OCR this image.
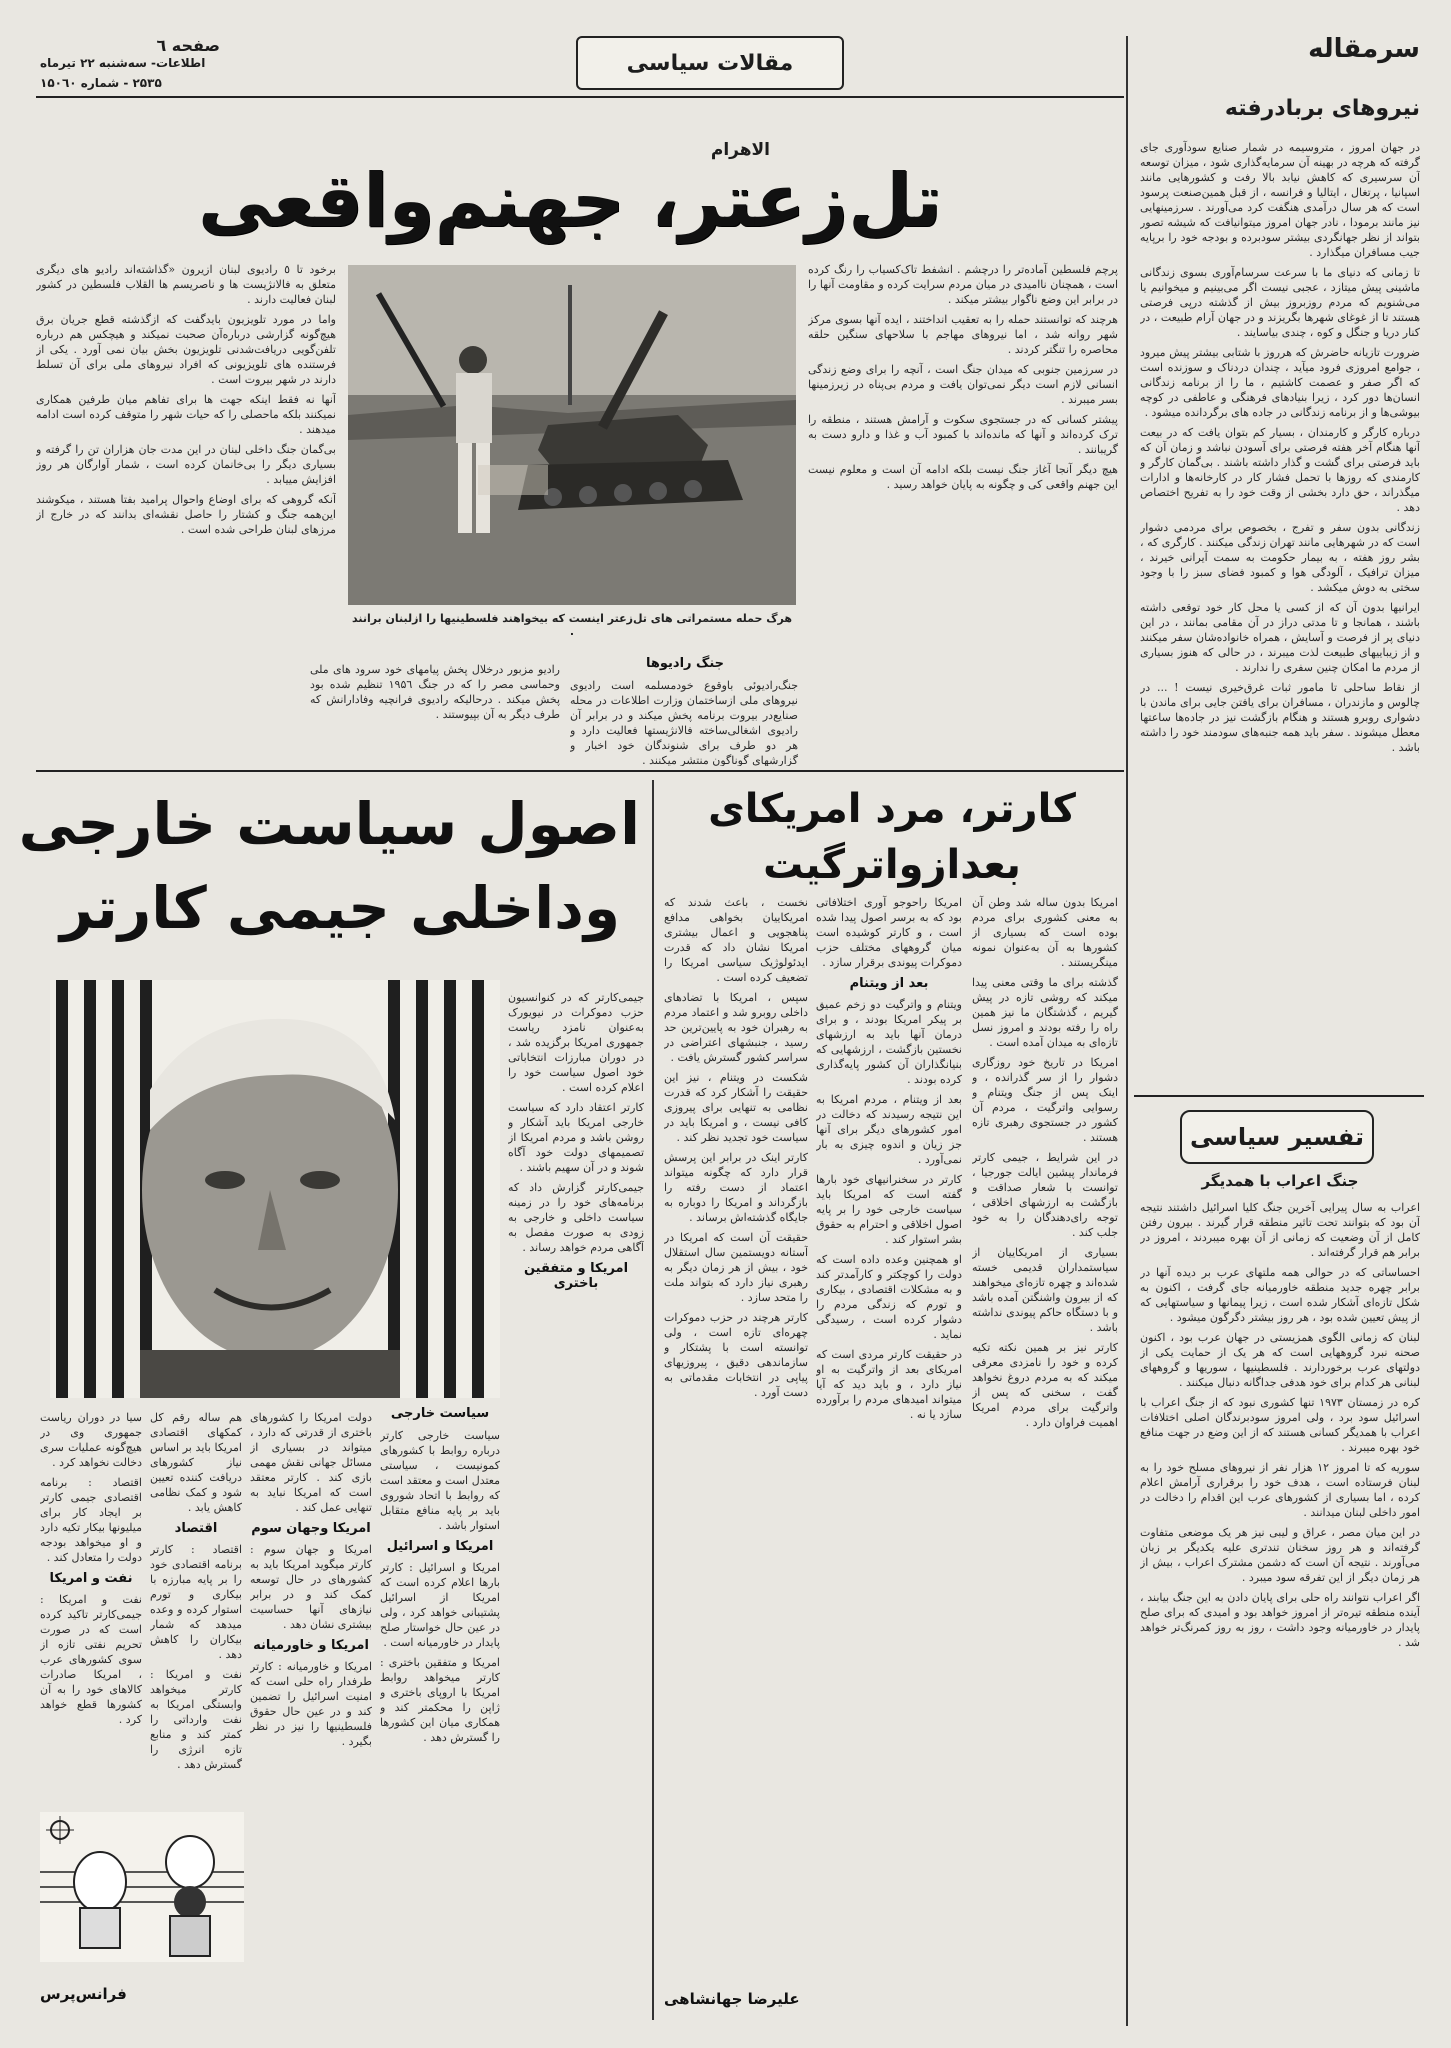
صفحه ٦
اطلاعات- سه‌شنبه ۲۲ تیرماه
۲۵۳۵ - شماره ۱۵۰٦۰
مقالات سیاسی	سرمقاله
نیروهای بربادرفته

در جهان امروز ، متروسیمه در شمار صنایع سودآوری جای گرفته که هرچه در بهینه آن سرمایه‌گذاری شود ، میزان توسعه آن سرسیری که کاهش نیابد بالا رفت و کشورهایی مانند اسپانیا ، پرتغال ، ایتالیا و فرانسه ، از قبل همین‌صنعت پرسود است که هر سال درآمدی هنگفت کرد می‌آورند . سرزمینهایی نیز مانند برمودا ، نادر جهان امروز میتوانیافت که شیشه تصور بتواند از نظر جهانگردی بیشتر سودبرده و بودجه خود را برپایه جیب مسافران میگذارد .

تا زمانی که دنیای ما با سرعت سرسام‌آوری بسوی زندگانی ماشینی پیش میتازد ، عجبی نیست اگر می‌بینیم و میخوانیم یا می‌شنویم که مردم روزبروز بیش از گذشته درپی فرصتی هستند تا از غوغای شهرها بگریزند و در جهان آرام طبیعت ، در کنار دریا و جنگل و کوه ، چندی بیاسایند .

ضرورت تازیانه حاضرش که هرروز با شتابی بیشتر پیش میرود ، جوامع امروزی فرود میآید ، چندان دردناک و سوزنده است که اگر صفر و عصمت کاشتیم ، ما را از برنامه زندگانی انسان‌ها دور کرد ، زیرا بنیادهای فرهنگی و عاطفی در کوچه بیوشی‌ها و از برنامه زندگانی در جاده های برگردانده میشود .

درباره کارگر و کارمندان ، بسیار کم بتوان یافت که در بیعت آنها هنگام آخر هفته فرصتی برای آسودن نباشد و زمان آن که باید فرصتی برای گشت و گذار داشته باشند . بی‌گمان کارگر و کارمندی که روزها با تحمل فشار کار در کارخانه‌ها و ادارات میگذراند ، حق دارد بخشی از وقت خود را به تفریح اختصاص دهد .

زندگانی بدون سفر و تفرج ، بخصوص برای مردمی دشوار است که در شهرهایی مانند تهران زندگی میکنند . کارگری که ، بشر روز هفته ، به بیمار حکومت به سمت آیرانی خیرند ، میزان ترافیک ، آلودگی هوا و کمبود فضای سبز را با وجود سختی به دوش میکشد .

ایرانیها بدون آن که از کسی یا محل کار خود توقعی داشته باشند ، همانجا و تا مدتی دراز در آن مقامی بمانند ، در این دنیای پر از فرصت و آسایش ، همراه خانواده‌شان سفر میکنند و از زیباییهای طبیعت لذت میبرند ، در حالی که هنوز بسیاری از مردم ما امکان چنین سفری را ندارند .

از نقاط ساحلی تا مامور ثبات غرق‌خیری نیست ! ... در چالوس و مازندران ، مسافران برای یافتن جایی برای ماندن با دشواری روبرو هستند و هنگام بازگشت نیز در جاده‌ها ساعتها معطل میشوند . سفر باید همه جنبه‌های سودمند خود را داشته باشد .

تفسیر سیاسی
جنگ اعراب با همدیگر

اعراب به سال پیرایی آخرین جنگ کلیا اسرائیل داشتند نتیجه آن بود که بتوانند تحت تاثیر منطقه قرار گیرند . بیرون رفتن کامل از آن وضعیت که زمانی از آن بهره میبردند ، امروز در برابر هم قرار گرفته‌اند .

احساساتی که در حوالی همه ملتهای عرب بر دیده آنها در برابر چهره جدید منطقه خاورمیانه جای گرفت ، اکنون به شکل تازه‌ای آشکار شده است ، زیرا پیمانها و سیاستهایی که از پیش تعیین شده بود ، هر روز بیشتر دگرگون میشود .

لبنان که زمانی الگوی همزیستی در جهان عرب بود ، اکنون صحنه نبرد گروههایی است که هر یک از حمایت یکی از دولتهای عرب برخوردارند . فلسطینیها ، سوریها و گروههای لبنانی هر کدام برای خود هدفی جداگانه دنبال میکنند .

کره در زمستان ۱۹۷۳ تنها کشوری نبود که از جنگ اعراب با اسرائیل سود برد ، ولی امروز سودبرندگان اصلی اختلافات اعراب با همدیگر کسانی هستند که از این وضع در جهت منافع خود بهره میبرند .

سوریه که تا امروز ۱۲ هزار نفر از نیروهای مسلح خود را به لبنان فرستاده است ، هدف خود را برقراری آرامش اعلام کرده ، اما بسیاری از کشورهای عرب این اقدام را دخالت در امور داخلی لبنان میدانند .

در این میان مصر ، عراق و لیبی نیز هر یک موضعی متفاوت گرفته‌اند و هر روز سخنان تندتری علیه یکدیگر بر زبان می‌آورند . نتیجه آن است که دشمن مشترک اعراب ، بیش از هر زمان دیگر از این تفرقه سود میبرد .

اگر اعراب نتوانند راه حلی برای پایان دادن به این جنگ بیابند ، آینده منطقه تیره‌تر از امروز خواهد بود و امیدی که برای صلح پایدار در خاورمیانه وجود داشت ، روز به روز کمرنگ‌تر خواهد شد .

الاهرام
تل‌زعتر، جهنم‌واقعی
هرگ حمله مستمراتی های تل‌زعتر اینست که بیخواهند فلسطینیها را ازلبنان برانند .

برخود تا ٥ رادیوی لبنان ازیرون «گذاشته‌اند رادیو های دیگری متعلق به فالانژیست ها و ناصریسم ها القلاب فلسطین در کشور لبنان فعالیت دارند .

واما در مورد تلویزیون بایدگفت که ازگذشته قطع جریان برق هیچ‌گونه گزارشی درباره‌آن صحبت نمیکند و هیچکس هم درباره تلفن‌گویی دریافت‌شدنی تلویزیون بخش بیان نمی آورد . یکی از فرستنده های تلویزیونی که افراد نیروهای ملی برای آن تسلط دارند در شهر بیروت است .

آنها نه فقط اینکه جهت ها برای تفاهم میان طرفین همکاری نمیکنند بلکه ماحصلی را که حیات شهر را متوقف کرده است ادامه میدهند .

بی‌گمان جنگ داخلی لبنان در این مدت جان هزاران تن را گرفته و بسیاری دیگر را بی‌خانمان کرده است ، شمار آوارگان هر روز افزایش مییابد .

آنکه گروهی که برای اوضاع واحوال پرامید بفتا هستند ، میکوشند این‌همه جنگ و کشتار را حاصل نقشه‌ای بدانند که در خارج از مرزهای لبنان طراحی شده است .

پرچم فلسطین آماده‌تر را درچشم . انشفط تاک‌کسیاب را رنگ کرده است ، همچنان ناامیدی در میان مردم سرایت کرده و مقاومت آنها را در برابر این وضع ناگوار بیشتر میکند .

هرچند که توانستند حمله را به تعقیب انداختند ، ایده آنها بسوی مرکز شهر روانه شد ، اما نیروهای مهاجم با سلاحهای سنگین حلقه محاصره را تنگتر کردند .

در سرزمین جنوبی که میدان جنگ است ، آنچه را برای وضع زندگی انسانی لازم است دیگر نمی‌توان یافت و مردم بی‌پناه در زیرزمینها بسر میبرند .

پیشتر کسانی که در جستجوی سکوت و آرامش هستند ، منطقه را ترک کرده‌اند و آنها که مانده‌اند با کمبود آب و غذا و دارو دست به گریبانند .

هیچ دیگر آنجا آغاز جنگ نیست بلکه ادامه آن است و معلوم نیست این جهنم واقعی کی و چگونه به پایان خواهد رسید .

جنگ رادیوها
جنگ‌رادیوئی باوقوع خودمسلمه است رادیوی نیروهای ملی ازساختمان وزارت اطلاعات در محله صنایع‌در بیروت برنامه پخش میکند و در برابر آن رادیوی اشغالی‌ساخته فالانژیستها فعالیت دارد و هر دو طرف برای شنوندگان خود اخبار و گزارشهای گوناگون منتشر میکنند .
رادیو مزبور درخلال پخش پیامهای خود سرود های ملی وحماسی مصر را که در جنگ ۱۹۵٦ تنظیم شده بود پخش میکند . درحالیکه رادیوی فرانچیه وفادارانش که طرف دیگر به آن بپیوستند .
کارتر، مرد امریکای
بعدازواترگیت

امریکا بدون ساله شد وطن آن به معنی کشوری برای مردم بوده است که بسیاری از کشورها به آن به‌عنوان نمونه مینگریستند .

گذشته برای ما وقتی معنی پیدا میکند که روشی تازه در پیش گیریم ، گذشتگان ما نیز همین راه را رفته بودند و امروز نسل تازه‌ای به میدان آمده است .

امریکا در تاریخ خود روزگاری دشوار را از سر گذرانده ، و اینک پس از جنگ ویتنام و رسوایی واترگیت ، مردم آن کشور در جستجوی رهبری تازه هستند .

در این شرایط ، جیمی کارتر فرماندار پیشین ایالت جورجیا ، توانست با شعار صداقت و بازگشت به ارزشهای اخلاقی ، توجه رای‌دهندگان را به خود جلب کند .

بسیاری از امریکاییان از سیاستمداران قدیمی خسته شده‌اند و چهره تازه‌ای میخواهند که از بیرون واشنگتن آمده باشد و با دستگاه حاکم پیوندی نداشته باشد .

کارتر نیز بر همین نکته تکیه کرده و خود را نامزدی معرفی میکند که به مردم دروغ نخواهد گفت ، سخنی که پس از واترگیت برای مردم امریکا اهمیت فراوان دارد .

امریکا راحوجو آوری اختلافاتی بود که به برسر اصول پیدا شده است ، و کارتر کوشیده است میان گروههای مختلف حزب دموکرات پیوندی برقرار سازد .

بعد از ویتنام

ویتنام و واترگیت دو زخم عمیق بر پیکر امریکا بودند ، و برای درمان آنها باید به ارزشهای نخستین بازگشت ، ارزشهایی که بنیانگذاران آن کشور پایه‌گذاری کرده بودند .

بعد از ویتنام ، مردم امریکا به این نتیجه رسیدند که دخالت در امور کشورهای دیگر برای آنها جز زیان و اندوه چیزی به بار نمی‌آورد .

کارتر در سخنرانیهای خود بارها گفته است که امریکا باید سیاست خارجی خود را بر پایه اصول اخلاقی و احترام به حقوق بشر استوار کند .

او همچنین وعده داده است که دولت را کوچکتر و کارآمدتر کند و به مشکلات اقتصادی ، بیکاری و تورم که زندگی مردم را دشوار کرده است ، رسیدگی نماید .

در حقیقت کارتر مردی است که امریکای بعد از واترگیت به او نیاز دارد ، و باید دید که آیا میتواند امیدهای مردم را برآورده سازد یا نه .

نخست ، باعث شدند که امریکاییان بخواهی مدافع پناهجویی و اعمال بیشتری امریکا نشان داد که قدرت ایدئولوژیک سیاسی امریکا را تضعیف کرده است .

سپس ، امریکا با تضادهای داخلی روبرو شد و اعتماد مردم به رهبران خود به پایین‌ترین حد رسید ، جنبشهای اعتراضی در سراسر کشور گسترش یافت .

شکست در ویتنام ، نیز این حقیقت را آشکار کرد که قدرت نظامی به تنهایی برای پیروزی کافی نیست ، و امریکا باید در سیاست خود تجدید نظر کند .

کارتر اینک در برابر این پرسش قرار دارد که چگونه میتواند اعتماد از دست رفته را بازگرداند و امریکا را دوباره به جایگاه گذشته‌اش برساند .

حقیقت آن است که امریکا در آستانه دویستمین سال استقلال خود ، بیش از هر زمان دیگر به رهبری نیاز دارد که بتواند ملت را متحد سازد .

کارتر هرچند در حزب دموکرات چهره‌ای تازه است ، ولی توانسته است با پشتکار و سازماندهی دقیق ، پیروزیهای پیاپی در انتخابات مقدماتی به دست آورد .

علیرضا جهانشاهی
اصول سیاست خارجی
وداخلی جیمی کارتر

جیمی‌کارتر که در کنوانسیون حزب دموکرات در نیویورک به‌عنوان نامزد ریاست جمهوری امریکا برگزیده شد ، در دوران مبارزات انتخاباتی خود اصول سیاست خود را اعلام کرده است .

کارتر اعتقاد دارد که سیاست خارجی امریکا باید آشکار و روشن باشد و مردم امریکا از تصمیمهای دولت خود آگاه شوند و در آن سهیم باشند .

جیمی‌کارتر گزارش داد که برنامه‌های خود را در زمینه سیاست داخلی و خارجی به زودی به صورت مفصل به آگاهی مردم خواهد رساند .

امریکا و متفقین باختری
سیاست خارجی

سیاست خارجی کارتر درباره روابط با کشورهای کمونیست ، سیاستی معتدل است و معتقد است که روابط با اتحاد شوروی باید بر پایه منافع متقابل استوار باشد .

امریکا و اسرائیل

امریکا و اسرائیل : کارتر بارها اعلام کرده است که امریکا از اسرائیل پشتیبانی خواهد کرد ، ولی در عین حال خواستار صلح پایدار در خاورمیانه است .

امریکا و متفقین باختری : کارتر میخواهد روابط امریکا با اروپای باختری و ژاپن را محکمتر کند و همکاری میان این کشورها را گسترش دهد .

دولت امریکا را کشورهای باختری از قدرتی که دارد ، میتواند در بسیاری از مسائل جهانی نقش مهمی بازی کند . کارتر معتقد است که امریکا نباید به تنهایی عمل کند .

امریکا وجهان سوم

امریکا و جهان سوم : کارتر میگوید امریکا باید به کشورهای در حال توسعه کمک کند و در برابر نیازهای آنها حساسیت بیشتری نشان دهد .

امریکا و خاورمیانه

امریکا و خاورمیانه : کارتر طرفدار راه حلی است که امنیت اسرائیل را تضمین کند و در عین حال حقوق فلسطینیها را نیز در نظر بگیرد .

هم ساله رقم کل کمکهای اقتصادی امریکا باید بر اساس نیاز کشورهای دریافت کننده تعیین شود و کمک نظامی کاهش یابد .

اقتصاد

اقتصاد : کارتر برنامه اقتصادی خود را بر پایه مبارزه با بیکاری و تورم استوار کرده و وعده میدهد که شمار بیکاران را کاهش دهد .

نفت و امریکا : کارتر میخواهد وابستگی امریکا به نفت وارداتی را کمتر کند و منابع تازه انرژی را گسترش دهد .

سیا در دوران ریاست جمهوری وی در هیچ‌گونه عملیات سری دخالت نخواهد کرد .

اقتصاد : برنامه اقتصادی جیمی کارتر بر ایجاد کار برای میلیونها بیکار تکیه دارد و او میخواهد بودجه دولت را متعادل کند .

نفت و امریکا

نفت و امریکا : جیمی‌کارتر تاکید کرده است که در صورت تحریم نفتی تازه از سوی کشورهای عرب ، امریکا صادرات کالاهای خود را به آن کشورها قطع خواهد کرد .

فرانس‌پرس
